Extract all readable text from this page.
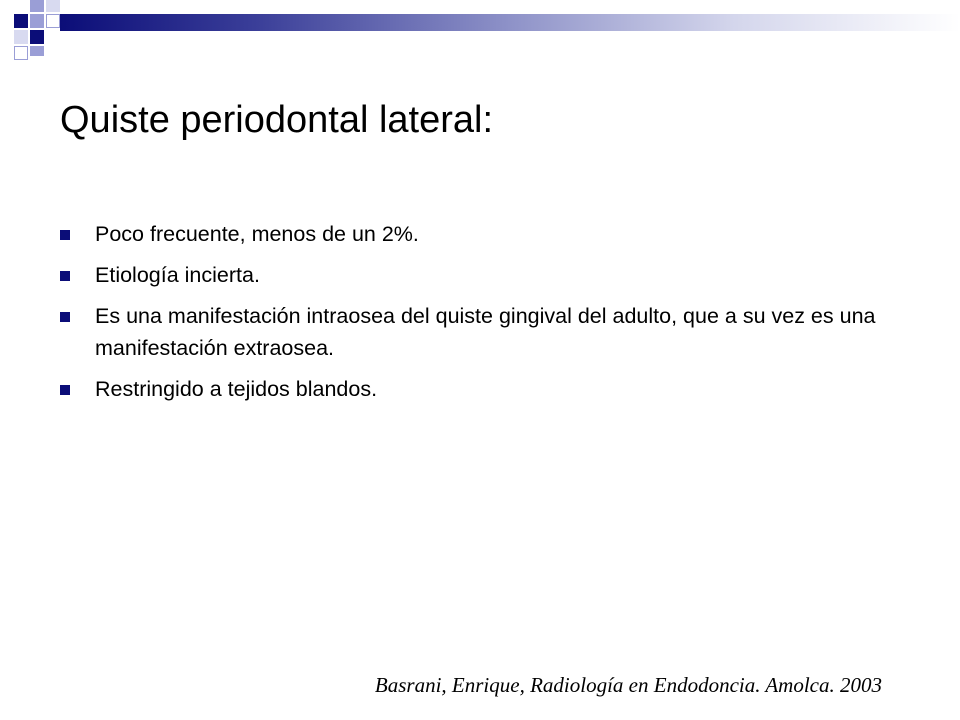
Quiste periodontal lateral:
Poco frecuente, menos de un 2%.
Etiología incierta.
Es una manifestación intraosea del quiste gingival del adulto, que a su vez es una manifestación extraosea.
Restringido a tejidos blandos.

Basrani, Enrique, Radiología en Endodoncia. Amolca. 2003
